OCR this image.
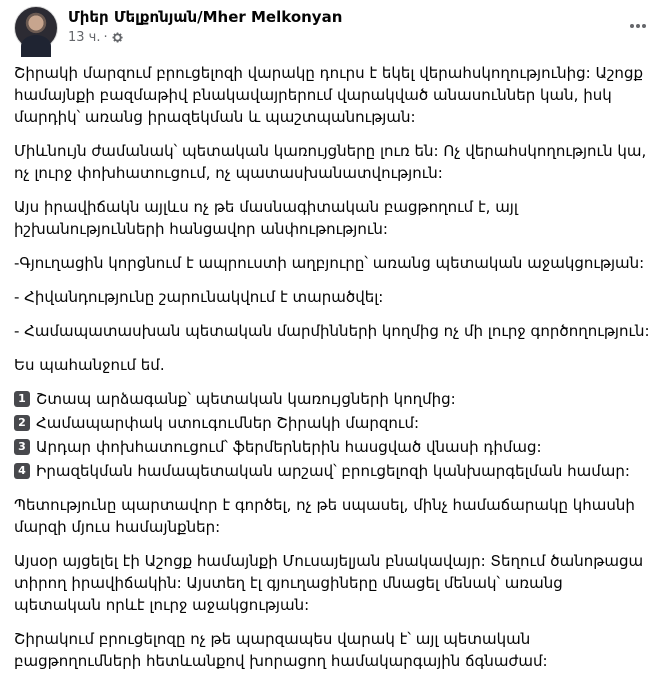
Միեր Մելքոնյան/Mher Melkonyan
13 ч. ·
Շիրակի մարզում բրուցելոզի վարակը դուրս է եկել վերահսկողությունից: Աշոցք համայնքի բազմաթիվ բնակավայրերում վարակված անասուններ կան, իսկ մարդիկ՝ առանց իրազեկման և պաշտպանության:
Միևնույն ժամանակ՝ պետական կառույցները լուռ են: Ոչ վերահսկողություն կա, ոչ լուրջ փոխհատուցում, ոչ պատասխանատվություն:
Այս իրավիճակն այլևս ոչ թե մասնագիտական բացթողում է, այլ իշխանությունների հանցավոր անփութություն:
-Գյուղացին կորցնում է ապրուստի աղբյուրը՝ առանց պետական աջակցության:
- Հիվանդությունը շարունակվում է տարածվել:
- Համապատասխան պետական մարմինների կողմից ոչ մի լուրջ գործողություն:
Ես պահանջում եմ.
1 Շտապ արձագանք՝ պետական կառույցների կողմից:
2 Համապարփակ ստուգումներ Շիրակի մարզում:
3 Արդար փոխհատուցում՝ ֆերմերներին հասցված վնասի դիմաց:
4 Իրազեկման համապետական արշավ՝ բրուցելոզի կանխարգելման համար:
Պետությունը պարտավոր է գործել, ոչ թե սպասել, մինչ համաճարակը կհասնի մարզի մյուս համայնքներ:
Այսօր այցելել էի Աշոցք համայնքի Մուսայելյան բնակավայր: Տեղում ծանոթացա տիրող իրավիճակին: Այստեղ էլ գյուղացիները մնացել մենակ՝ առանց պետական որևէ լուրջ աջակցության:
Շիրակում բրուցելոզը ոչ թե պարզապես վարակ է՝ այլ պետական բացթողումների հետևանքով խորացող համակարգային ճգնաժամ:
